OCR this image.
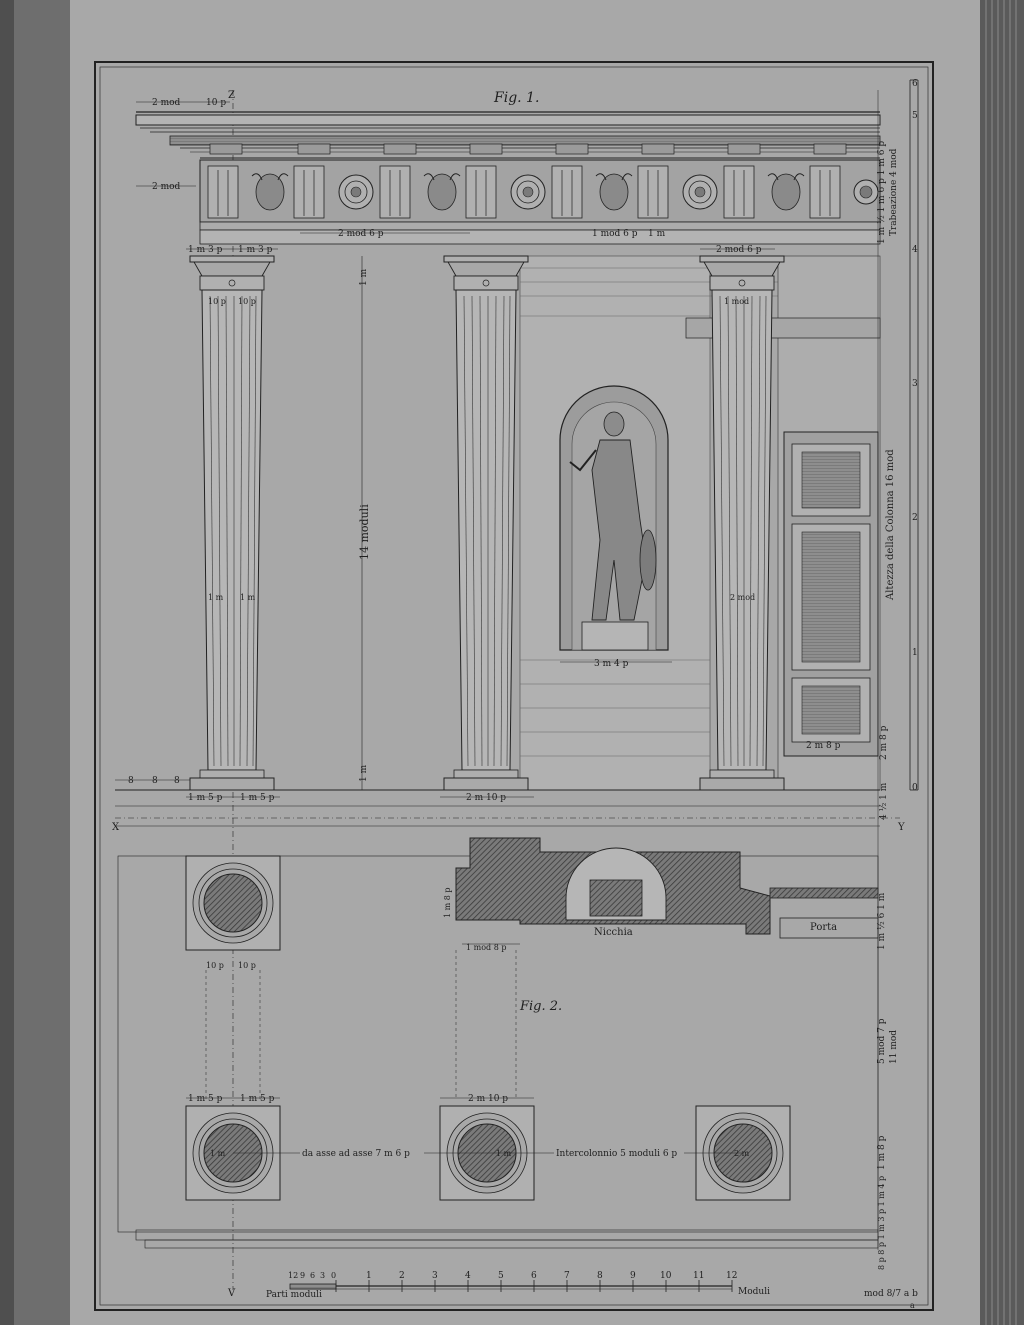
6
5
4
3
2
1
0
Fig. 1.
Z
2 mod	10 p
2 mod
2 mod 6 p	1 mod 6 p 1 m
1 m 3 p 1 m 3 p	2 mod 6 p
3 m 4 p
2 m 8 p
10 p 10 p
1 m 1 m
1 m
14 moduli
1 m
1 mod
2 mod
8 8 8
1 m 5 p 1 m 5 p	2 m 10 p
X	Y
Trabeazione 4 mod
1 m ½ 1 m 6 p 1 m 6 p
Altezza della Colonna 16 mod
2 m 8 p
4 ½ 1 m
Fig. 2.
Nicchia	Porta
1 m 8 p
1 mod 8 p
10 p 10 p
1 m 5 p 1 m 5 p	2 m 10 p
1 m	1 m	2 m
da asse ad asse 7 m 6 p	Intercolonnio 5 moduli 6 p
1 m ½ 6 1 m
5 mod 7 p 11 mod
1 m 8 p
8 p 8 p 1 m 3 p 1 m 4 p
V
12 9 6 3 0	1	2	3	4	5	6	7	8	9	10 11 12
Parti moduli	Moduli	mod 8/7 a b
a
